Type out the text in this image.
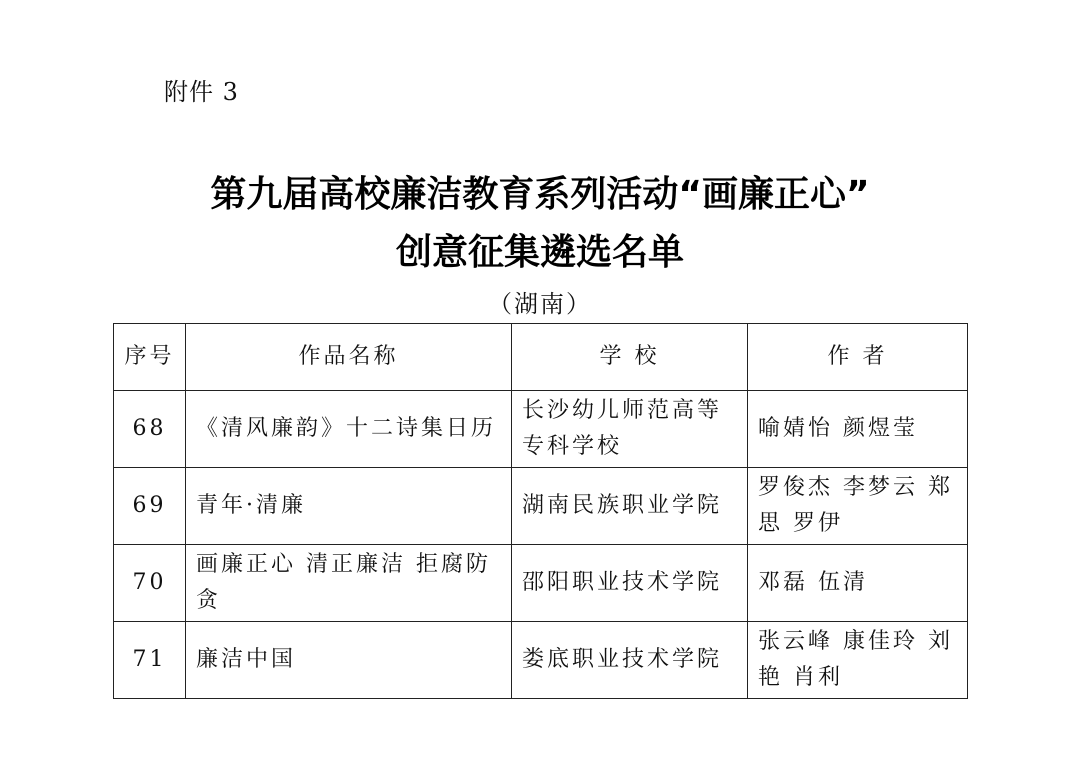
附件 3
第九届高校廉洁教育系列活动“画廉正心”
创意征集遴选名单
（湖南）
序号	作品名称	学 校	作 者
68	《清风廉韵》十二诗集日历	长沙幼儿师范高等专科学校	喻婧怡 颜煜莹
69	青年·清廉	湖南民族职业学院	罗俊杰 李梦云 郑思 罗伊
70	画廉正心 清正廉洁 拒腐防贪	邵阳职业技术学院	邓磊 伍清
71	廉洁中国	娄底职业技术学院	张云峰 康佳玲 刘艳 肖利
